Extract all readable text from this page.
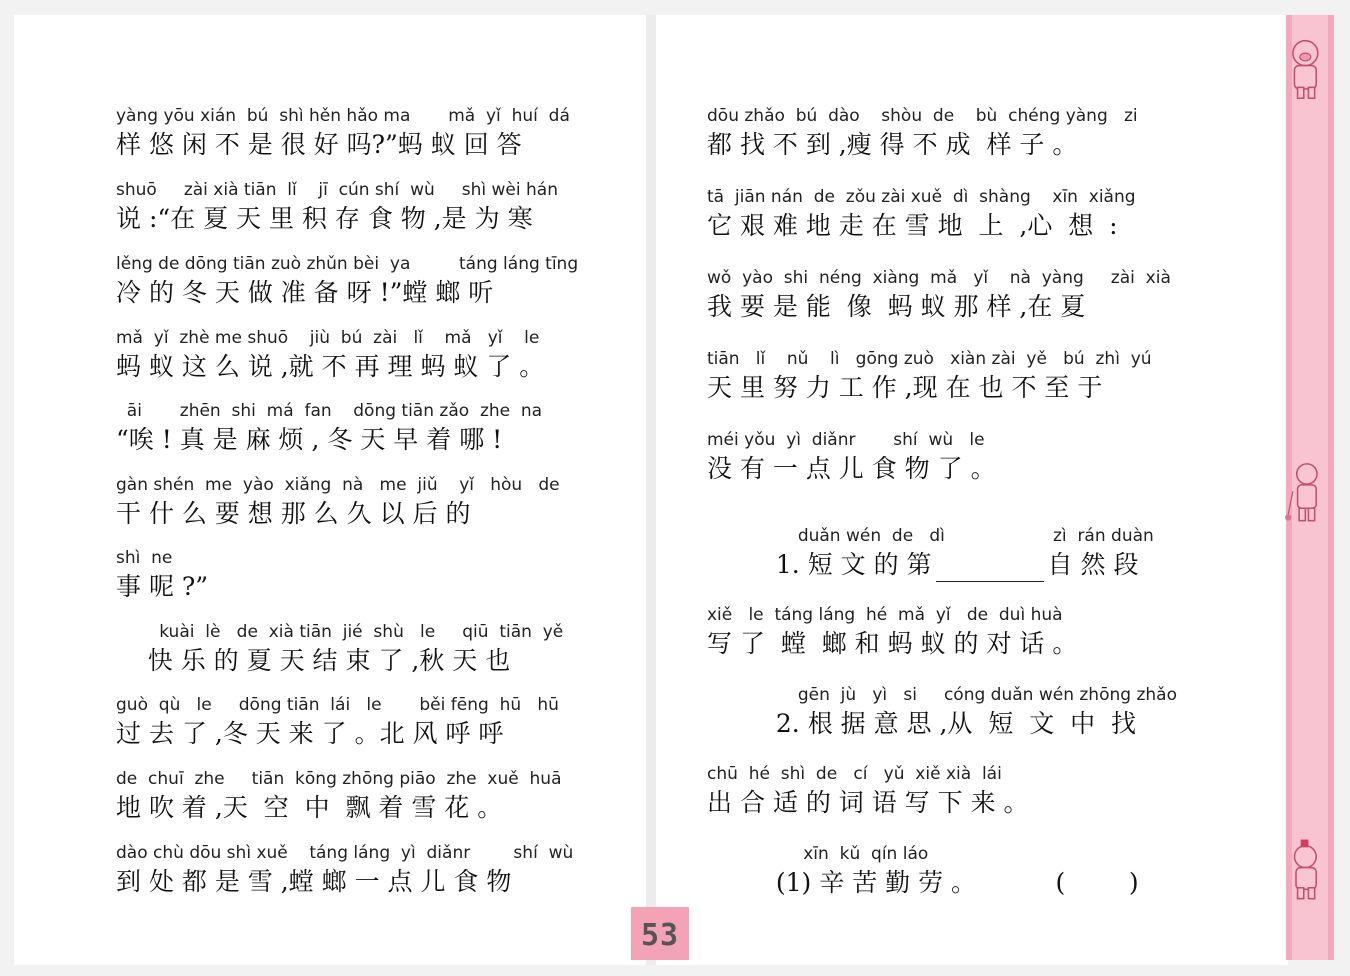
yàng yōu xián  bú  shì hěn hǎo ma       mǎ  yǐ  huí  dá
样 悠 闲 不 是 很 好 吗?”蚂 蚁 回 答
shuō     zài xià tiān  lǐ    jī  cún shí  wù     shì wèi hán
说 :“在 夏 天 里 积 存 食 物 ,是 为 寒
lěng de dōng tiān zuò zhǔn bèi  ya         táng láng tīng
冷 的 冬 天 做 准 备 呀 !”螳 螂 听
mǎ  yǐ  zhè me shuō    jiù  bú  zài   lǐ    mǎ   yǐ    le
蚂 蚁 这 么 说 ,就 不 再 理 蚂 蚁 了 。
āi       zhēn  shi  má  fan    dōng tiān zǎo  zhe  na
“唉 ! 真 是 麻 烦 , 冬 天 早 着 哪 !
gàn shén  me  yào  xiǎng  nà   me  jiǔ    yǐ   hòu   de
干 什 么 要 想 那 么 久 以 后 的
shì  ne
事 呢 ?”
kuài  lè   de  xià tiān  jié  shù   le     qiū  tiān  yě
快 乐 的 夏 天 结 束 了 ,秋 天 也
guò  qù   le     dōng tiān  lái   le       běi fēng  hū   hū
过 去 了 ,冬 天 来 了 。北 风 呼 呼
de  chuī  zhe     tiān  kōng zhōng piāo  zhe  xuě  huā
地 吹 着 ,天  空  中  飘 着 雪 花 。
dào chù dōu shì xuě    táng láng  yì  diǎnr        shí  wù
到 处 都 是 雪 ,螳 螂 一 点 儿 食 物
dōu zhǎo  bú  dào    shòu  de    bù  chéng yàng   zi
都 找 不 到 ,瘦 得 不 成  样 子 。
tā  jiān nán  de  zǒu zài xuě  dì  shàng    xīn  xiǎng
它 艰 难 地 走 在 雪 地  上  ,心  想  :
wǒ  yào  shi  néng  xiàng  mǎ   yǐ    nà  yàng     zài  xià
我 要 是 能  像  蚂 蚁 那 样 ,在 夏
tiān   lǐ    nǔ    lì   gōng zuò   xiàn zài  yě   bú  zhì  yú
天 里 努 力 工 作 ,现 在 也 不 至 于
méi yǒu  yì  diǎnr       shí  wù   le
没 有 一 点 儿 食 物 了 。
duǎn wén  de   dì                    zì  rán duàn
1. 短 文 的 第	自 然 段
xiě   le  táng láng  hé  mǎ  yǐ   de  duì huà
写 了  螳  螂 和 蚂 蚁 的 对 话 。
gēn  jù   yì   si     cóng duǎn wén zhōng zhǎo
2. 根 据 意 思 ,从  短  文  中  找
chū  hé  shì  de   cí   yǔ  xiě xià  lái
出 合 适 的 词 语 写 下 来 。
xīn  kǔ  qín láo
(1) 辛 苦 勤 劳 。          (        )
53
